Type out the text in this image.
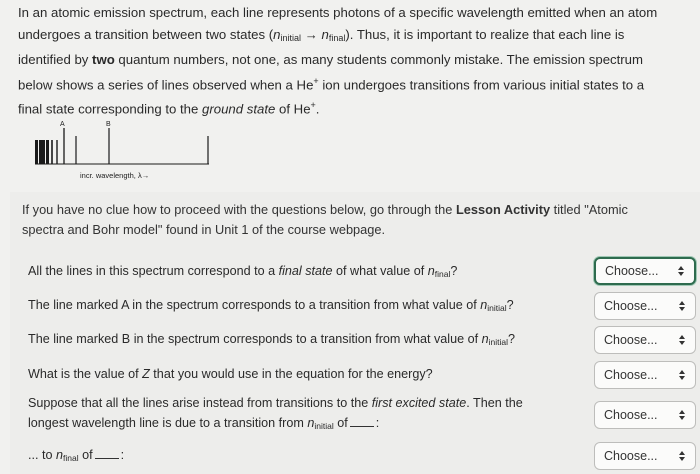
In an atomic emission spectrum, each line represents photons of a specific wavelength emitted when an atom
undergoes a transition between two states $(n_{initial} \to n_{final})$. Thus, it is important to realize that each line is
identified by two quantum numbers, not one, as many students commonly mistake. The emission spectrum
below shows a series of lines observed when a He+ ion undergoes transitions from various initial states to a
final state corresponding to the ground state of He+.
A	B
incr. wavelength, λ→
If you have no clue how to proceed with the questions below, go through the Lesson Activity titled "Atomic
spectra and Bohr model" found in Unit 1 of the course webpage.
All the lines in this spectrum correspond to a final state of what value of $n_{final}$?	Choose...
The line marked A in the spectrum corresponds to a transition from what value of $n_{initial}$?	Choose...
The line marked B in the spectrum corresponds to a transition from what value of $n_{initial}$?	Choose...
What is the value of Z that you would use in the equation for the energy?	Choose...
Suppose that all the lines arise instead from transitions to the first excited state. Then the
longest wavelength line is due to a transition from $n_{initial}$ of :
Choose...
... to $n_{final}$ of :	Choose...
